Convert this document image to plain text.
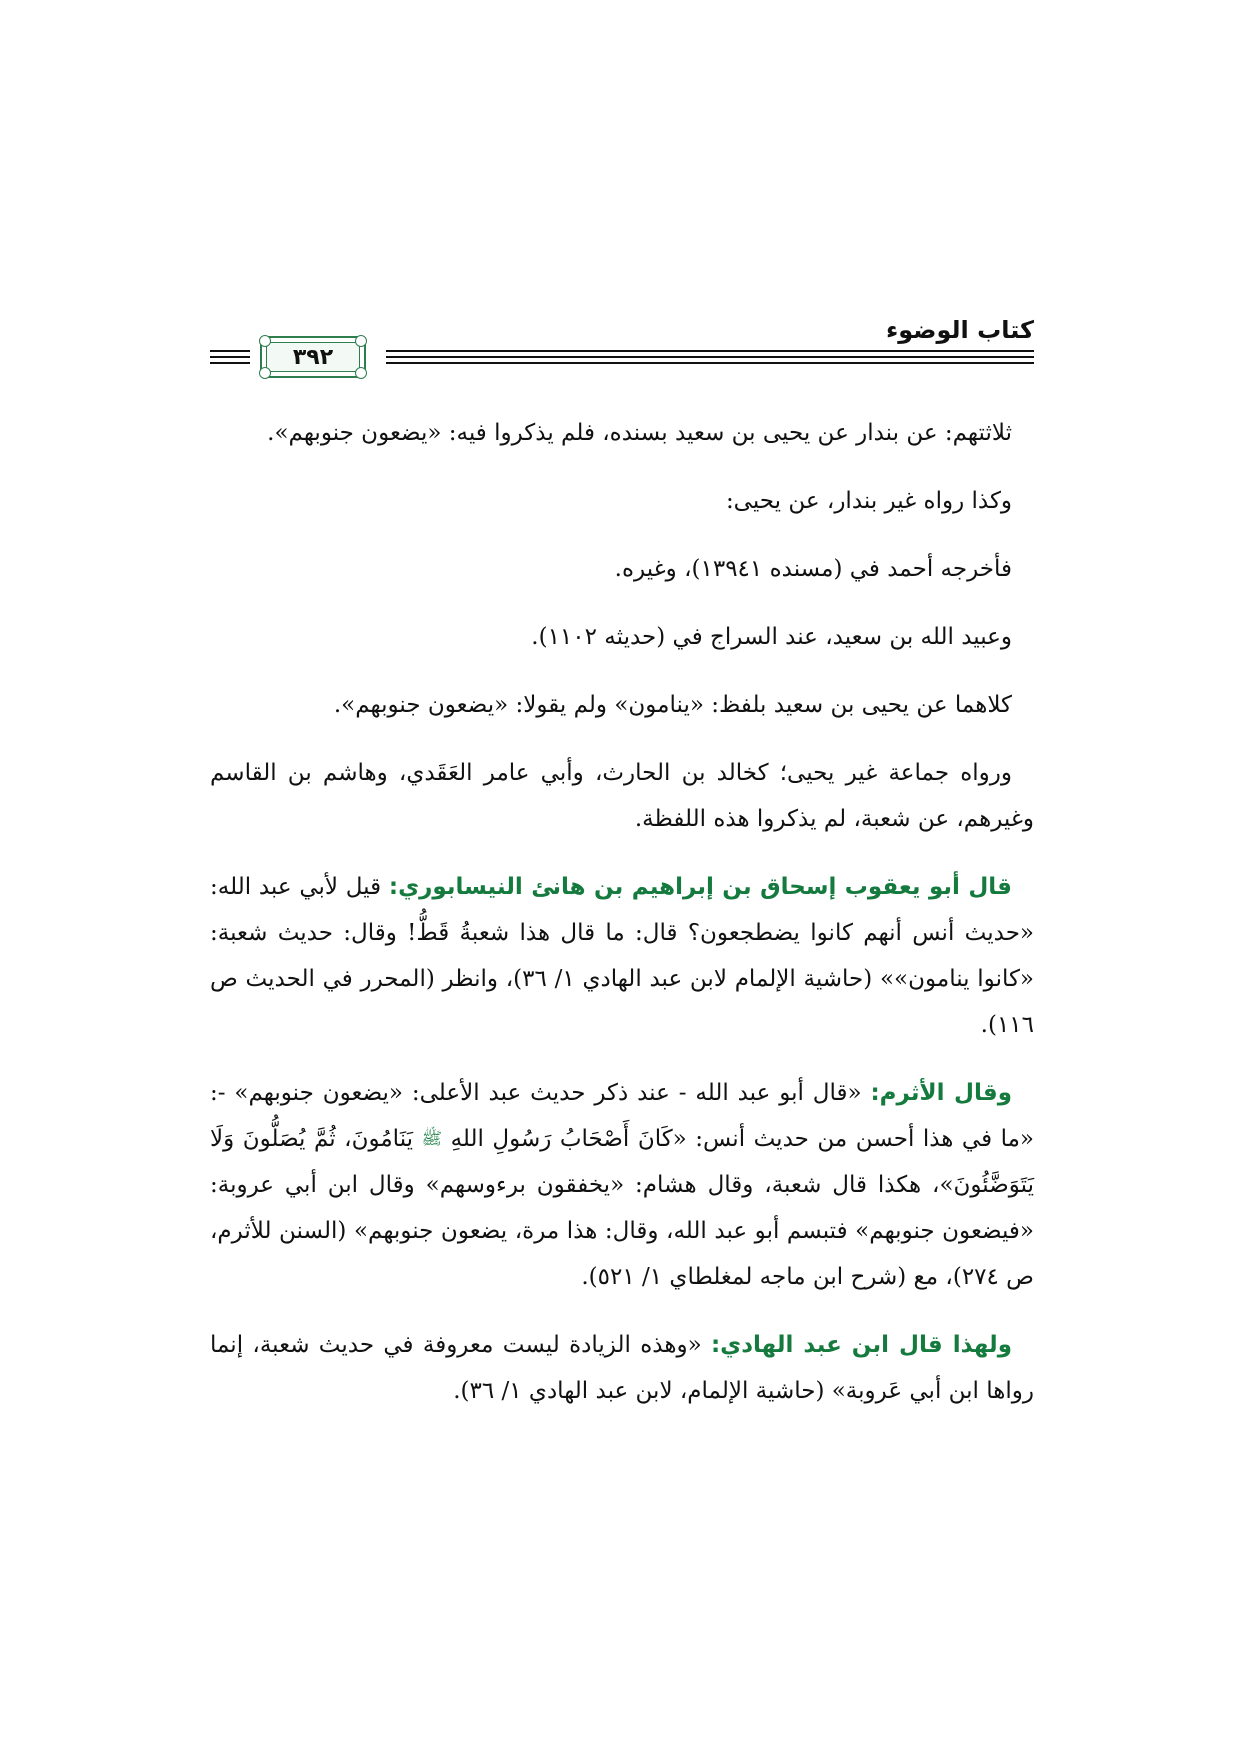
كتاب الوضوء
٣٩٢

ثلاثتهم: عن بندار عن يحيى بن سعيد بسنده، فلم يذكروا فيه: «يضعون جنوبهم».

وكذا رواه غير بندار، عن يحيى:

فأخرجه أحمد في (مسنده ١٣٩٤١)، وغيره.

وعبيد الله بن سعيد، عند السراج في (حديثه ١١٠٢).

كلاهما عن يحيى بن سعيد بلفظ: «ينامون» ولم يقولا: «يضعون جنوبهم».

ورواه جماعة غير يحيى؛ كخالد بن الحارث، وأبي عامر العَقَدي، وهاشم بن القاسم وغيرهم، عن شعبة، لم يذكروا هذه اللفظة.

قال أبو يعقوب إسحاق بن إبراهيم بن هانئ النيسابوري: قيل لأبي عبد الله: «حديث أنس أنهم كانوا يضطجعون؟ قال: ما قال هذا شعبةُ قَطُّ! وقال: حديث شعبة: «كانوا ينامون»» (حاشية الإلمام لابن عبد الهادي ١/ ٣٦)، وانظر (المحرر في الحديث ص ١١٦).

وقال الأثرم: «قال أبو عبد الله - عند ذكر حديث عبد الأعلى: «يضعون جنوبهم» -: «ما في هذا أحسن من حديث أنس: «كَانَ أَصْحَابُ رَسُولِ اللهِ ﷺ يَنَامُونَ، ثُمَّ يُصَلُّونَ وَلَا يَتَوَضَّئُونَ»، هكذا قال شعبة، وقال هشام: «يخفقون برءوسهم» وقال ابن أبي عروبة: «فيضعون جنوبهم» فتبسم أبو عبد الله، وقال: هذا مرة، يضعون جنوبهم» (السنن للأثرم، ص ٢٧٤)، مع (شرح ابن ماجه لمغلطاي ١/ ٥٢١).

ولهذا قال ابن عبد الهادي: «وهذه الزيادة ليست معروفة في حديث شعبة، إنما رواها ابن أبي عَروبة» (حاشية الإلمام، لابن عبد الهادي ١/ ٣٦).
